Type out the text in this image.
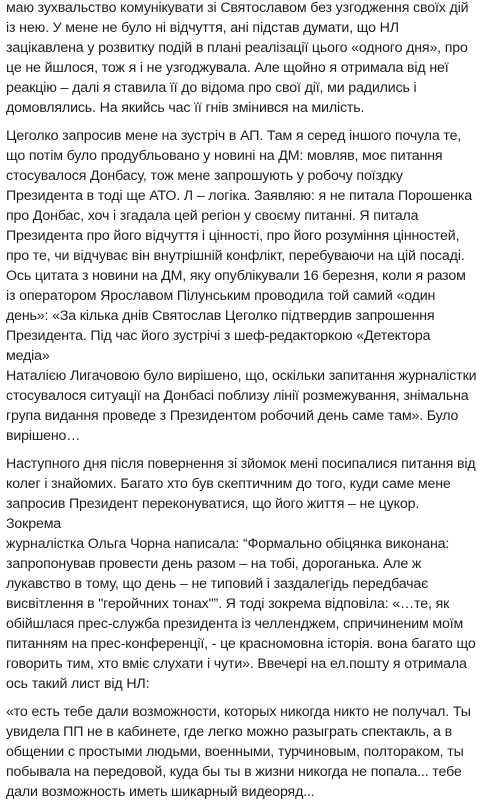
маю зухвальство комунікувати зі Святославом без узгодження своїх дій
із нею. У мене не було ні відчуття, ані підстав думати, що НЛ
зацікавлена у розвитку подій в плані реалізації цього «одного дня», про
це не йшлося, тож я і не узгоджувала. Але щойно я отримала від неї
реакцію – далі я ставила її до відома про свої дії, ми радились і
домовлялись. На якийсь час її гнів змінився на милість.

Цеголко запросив мене на зустріч в АП. Там я серед іншого почула те,
що потім було продубльовано у новині на ДМ: мовляв, моє питання
стосувалося Донбасу, тож мене запрошують у робочу поїздку
Президента в тоді ще АТО. Л – логіка. Заявляю: я не питала Порошенка
про Донбас, хоч і згадала цей регіон у своєму питанні. Я питала
Президента про його відчуття і цінності, про його розуміння цінностей,
про те, чи відчуває він внутрішній конфлікт, перебуваючи на цій посаді.
Ось цитата з новини на ДМ, яку опублікували 16 березня, коли я разом
із оператором Ярославом Пілунським проводила той самий «один
день»: «За кілька днів Святослав Цеголко підтвердив запрошення
Президента. Під час його зустрічі з шеф-редакторкою «Детектора медіа»
Наталією Лигачовою було вирішено, що, оскільки запитання журналістки
стосувалося ситуації на Донбасі поблизу лінії розмежування, знімальна
група видання проведе з Президентом робочий день саме там». Було
вирішено…

Наступного дня після повернення зі зйомок мені посипалися питання від
колег і знайомих. Багато хто був скептичним до того, куди саме мене
запросив Президент переконуватися, що його життя – не цукор. Зокрема
журналістка Ольга Чорна написала: “Формально обіцянка виконана:
запропонував провести день разом – на тобі, дороганька. Але ж
лукавство в тому, що день – не типовий і заздалегідь передбачає
висвітлення в "геройчних тонах"”. Я тоді зокрема відповіла: «…те, як
обійшлася прес-служба президента із челленджем, спричиненим моїм
питанням на прес-конференції, - це красномовна історія. вона багато що
говорить тим, хто вміє слухати і чути». Ввечері на ел.пошту я отримала
ось такий лист від НЛ:

«то есть тебе дали возможности, которых никогда никто не получал. Ты
увидела ПП не в кабинете, где легко можно разыграть спектакль, а в
общении с простыми людьми, военными, турчиновым, полтораком, ты
побывала на передовой, куда бы ты в жизни никогда не попала... тебе
дали возможность иметь шикарный видеоряд...
